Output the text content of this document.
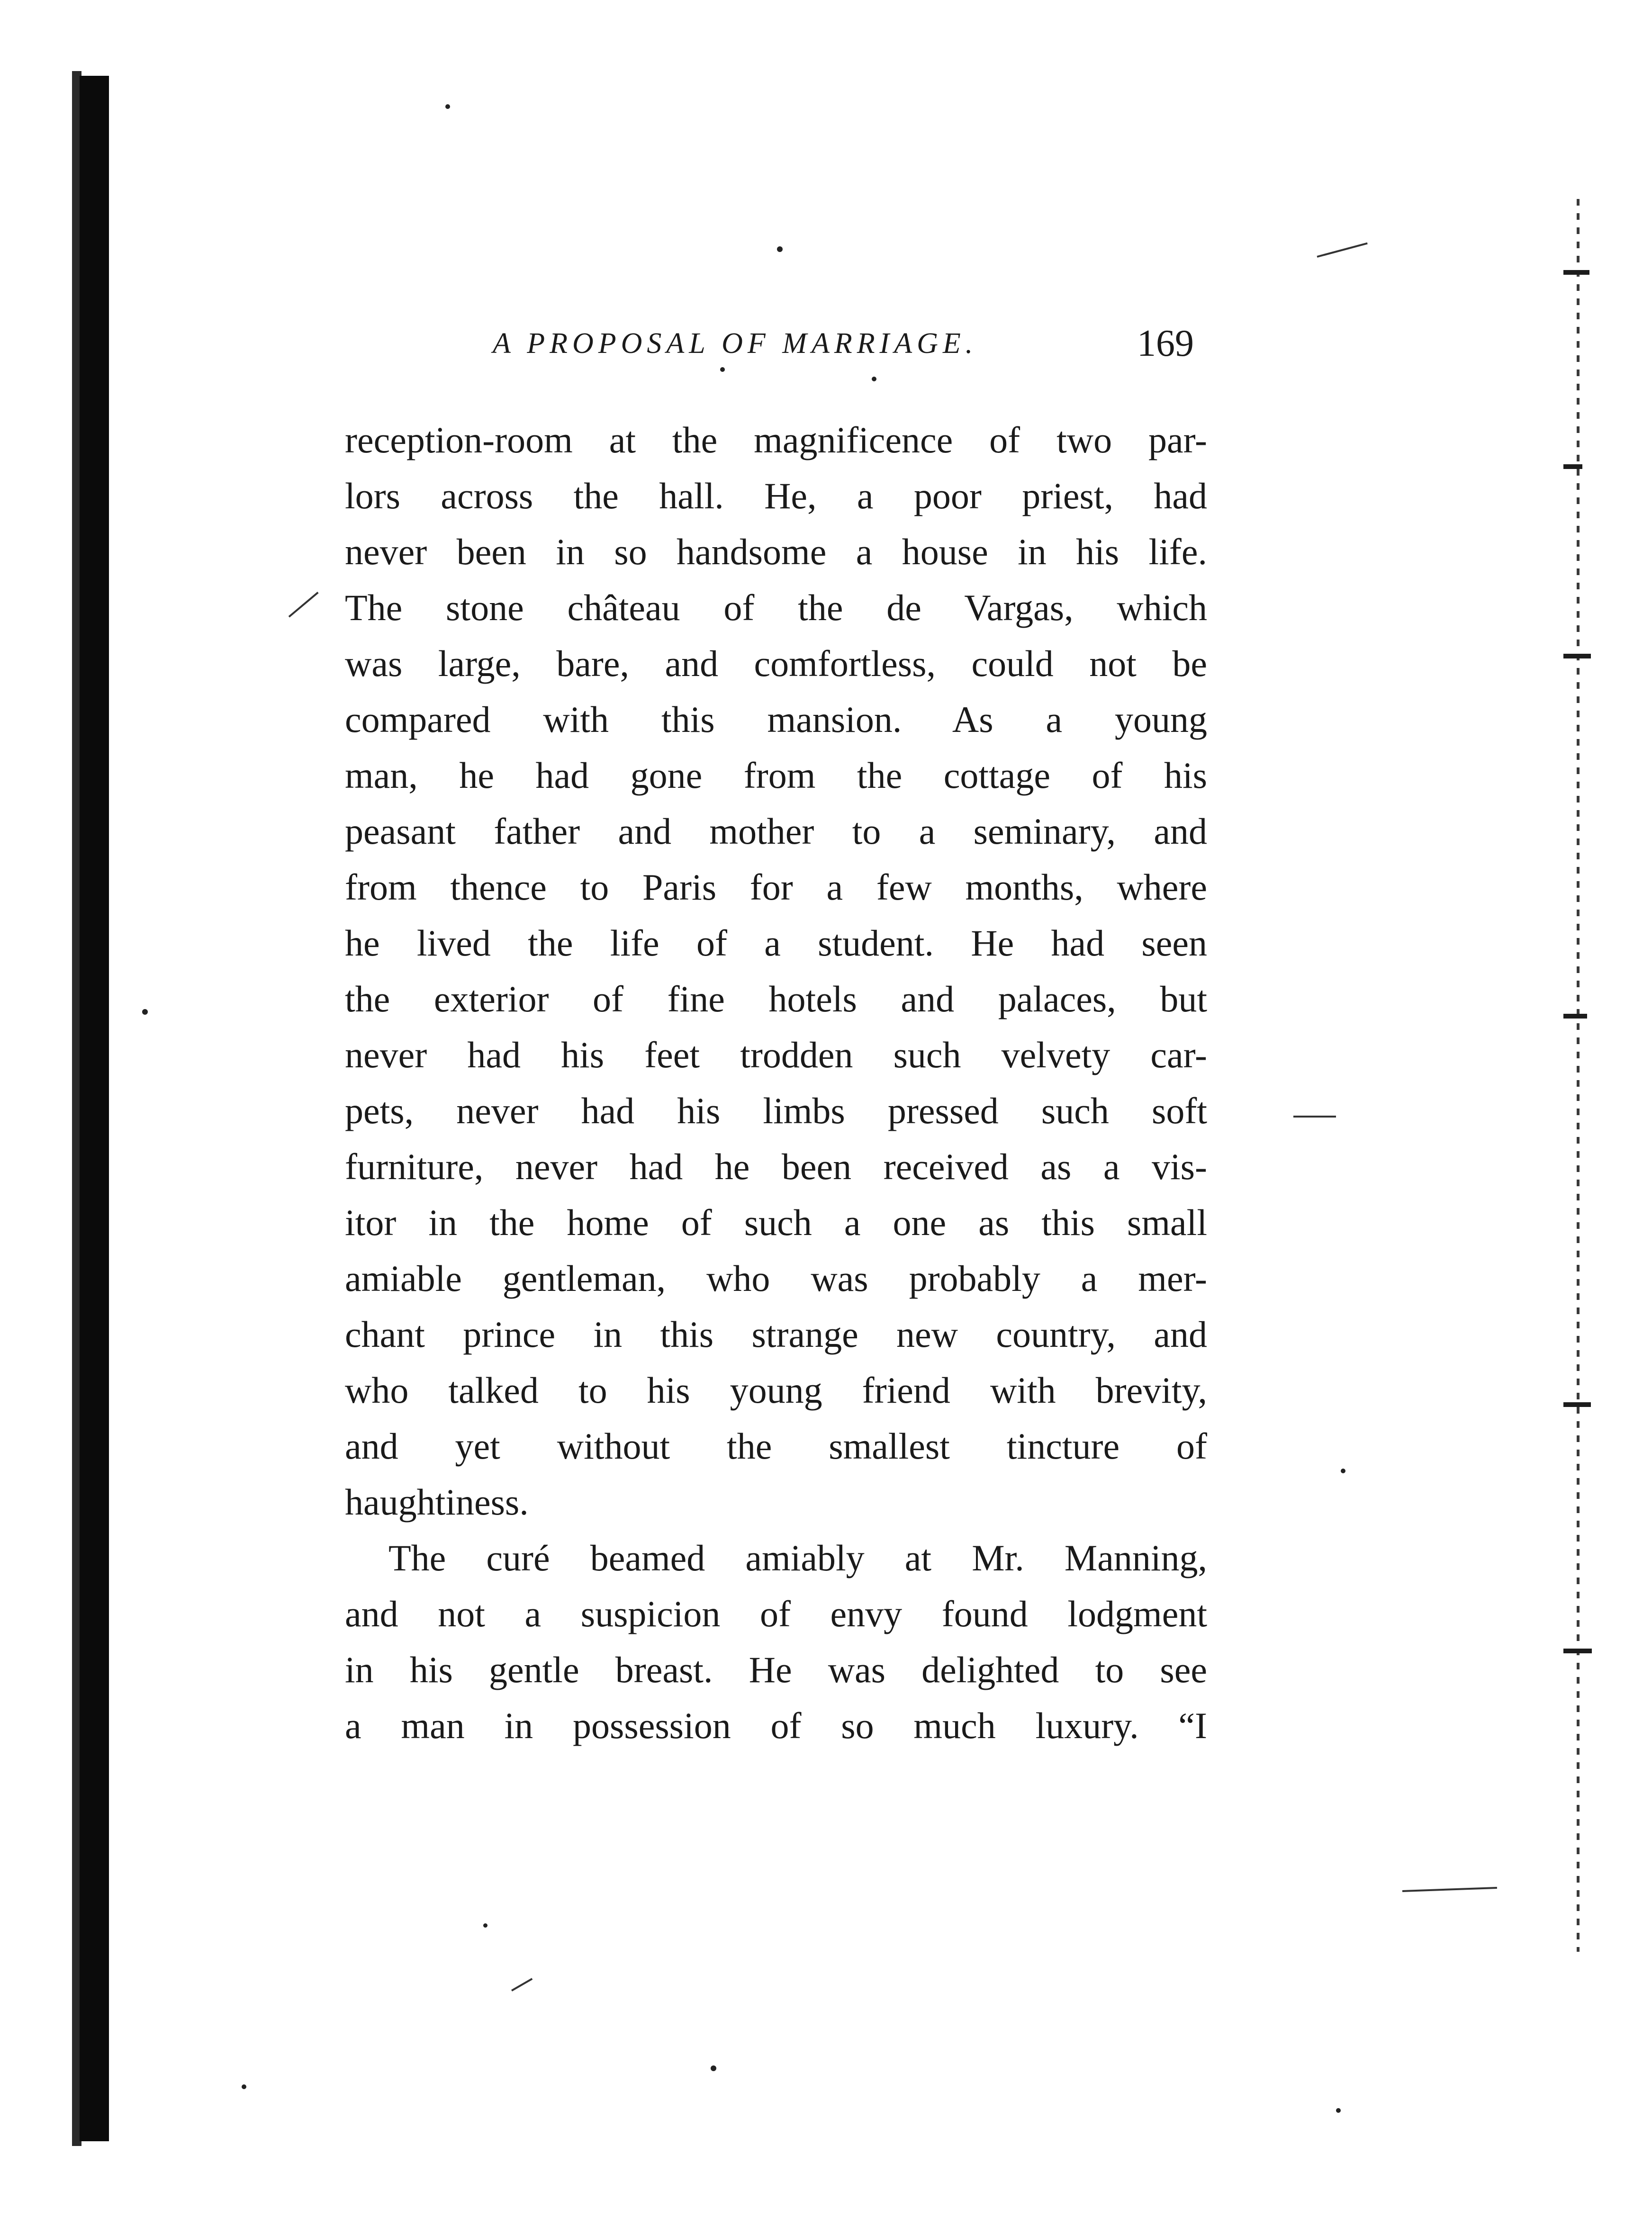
A PROPOSAL OF MARRIAGE.	169
reception-room at the magnificence of two par-
lors across the hall. He, a poor priest, had
never been in so handsome a house in his life.
The stone château of the de Vargas, which
was large, bare, and comfortless, could not be
compared with this mansion. As a young
man, he had gone from the cottage of his
peasant father and mother to a seminary, and
from thence to Paris for a few months, where
he lived the life of a student. He had seen
the exterior of fine hotels and palaces, but
never had his feet trodden such velvety car-
pets, never had his limbs pressed such soft
furniture, never had he been received as a vis-
itor in the home of such a one as this small
amiable gentleman, who was probably a mer-
chant prince in this strange new country, and
who talked to his young friend with brevity,
and yet without the smallest tincture of
haughtiness.
The curé beamed amiably at Mr. Manning,
and not a suspicion of envy found lodgment
in his gentle breast. He was delighted to see
a man in possession of so much luxury. “I
